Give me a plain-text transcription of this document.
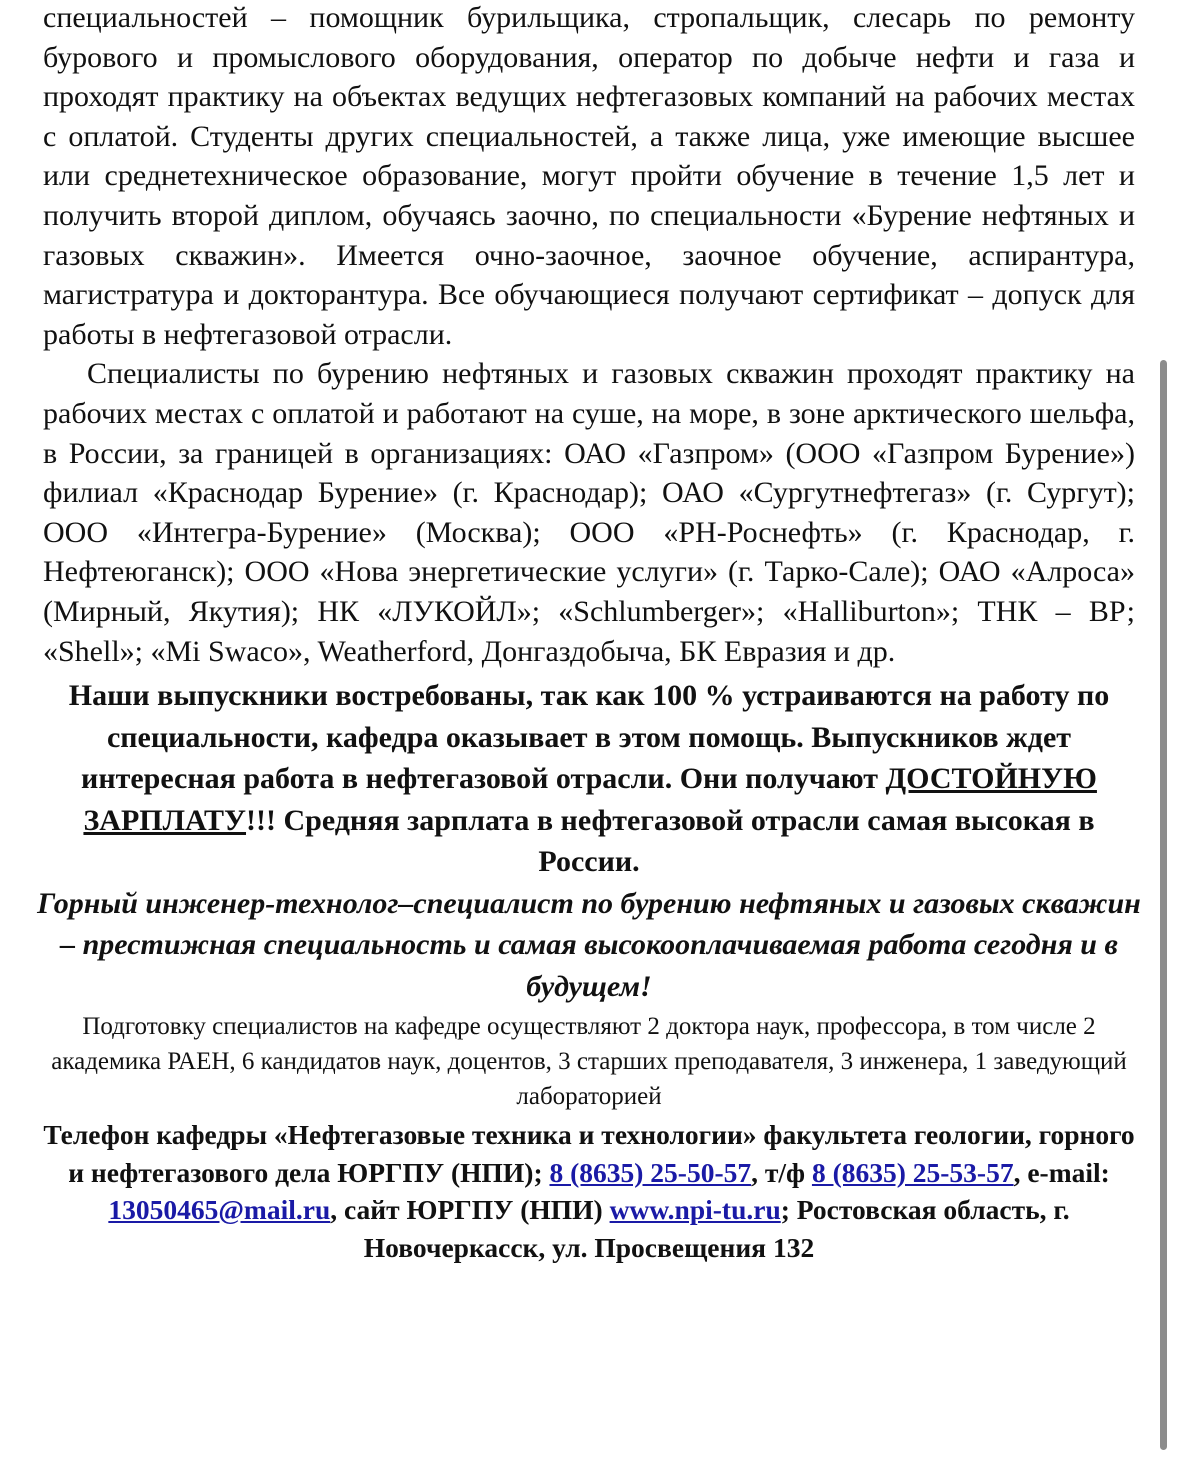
специальностей – помощник бурильщика, стропальщик, слесарь по ремонту бурового и промыслового оборудования, оператор по добыче нефти и газа и проходят практику на объектах ведущих нефтегазовых компаний на рабочих местах с оплатой. Студенты других специальностей, а также лица, уже имеющие высшее или среднетехническое образование, могут пройти обучение в течение 1,5 лет и получить второй диплом, обучаясь заочно, по специальности «Бурение нефтяных и газовых скважин». Имеется очно-заочное, заочное обучение, аспирантура, магистратура и докторантура. Все обучающиеся получают сертификат – допуск для работы в нефтегазовой отрасли.

Специалисты по бурению нефтяных и газовых скважин проходят практику на рабочих местах с оплатой и работают на суше, на море, в зоне арктического шельфа, в России, за границей в организациях: ОАО «Газпром» (ООО «Газпром Бурение») филиал «Краснодар Бурение» (г. Краснодар); ОАО «Сургутнефтегаз» (г. Сургут); ООО «Интегра-Бурение» (Москва); ООО «РН-Роснефть» (г. Краснодар, г. Нефтеюганск); ООО «Нова энергетические услуги» (г. Тарко-Сале); ОАО «Алроса» (Мирный, Якутия); НК «ЛУКОЙЛ»; «Schlumberger»; «Halliburton»; ТНК – ВР; «Shell»; «Mi Swaco», Weatherford, Донгаздобыча, БК Евразия и др.

Наши выпускники востребованы, так как 100 % устраиваются на работу по специальности, кафедра оказывает в этом помощь. Выпускников ждет интересная работа в нефтегазовой отрасли. Они получают ДОСТОЙНУЮ ЗАРПЛАТУ!!! Средняя зарплата в нефтегазовой отрасли самая высокая в России.
Горный инженер-технолог–специалист по бурению нефтяных и газовых скважин – престижная специальность и самая высокооплачиваемая работа сегодня и в будущем!
Подготовку специалистов на кафедре осуществляют 2 доктора наук, профессора, в том числе 2 академика РАЕН, 6 кандидатов наук, доцентов, 3 старших преподавателя, 3 инженера, 1 заведующий лабораторией
Телефон кафедры «Нефтегазовые техника и технологии» факультета геологии, горного и нефтегазового дела ЮРГПУ (НПИ); 8 (8635) 25-50-57, т/ф 8 (8635) 25-53-57, e-mail: 13050465@mail.ru, сайт ЮРГПУ (НПИ) www.npi-tu.ru; Ростовская область, г. Новочеркасск, ул. Просвещения 132
